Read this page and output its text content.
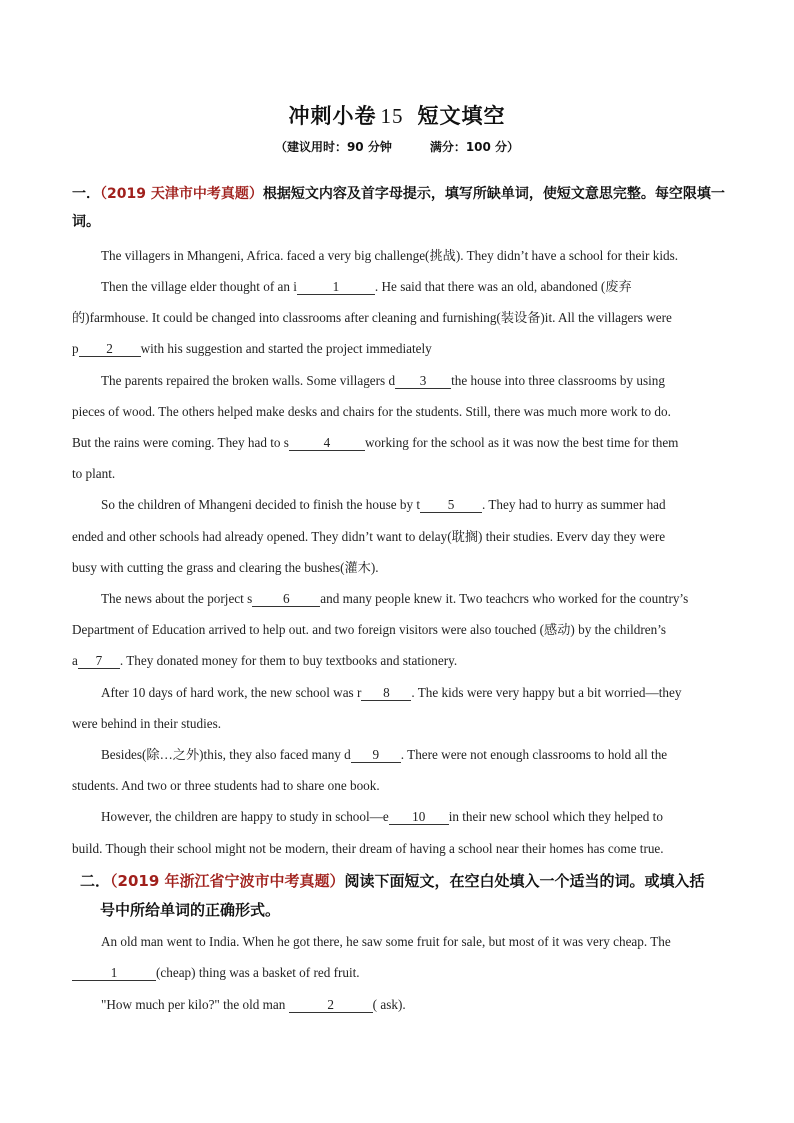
冲刺小卷 15 短文填空
（建议用时：90 分钟	满分：100 分）
一．（2019 天津市中考真题）根据短文内容及首字母提示，填写所缺单词，使短文意思完整。每空限填一词。
The villagers in Mhangeni, Africa. faced a very big challenge(挑战). They didn’t have a school for their kids.
Then the village elder thought of an i	1	. He said that there was an old, abandoned (废弃
的)farmhouse. It could be changed into classrooms after cleaning and furnishing(装设备)it. All the villagers were
p 2 with his suggestion and started the project immediately
The parents repaired the broken walls. Some villagers d 3 the house into three classrooms by using
pieces of wood. The others helped make desks and chairs for the students. Still, there was much more work to do.
But the rains were coming. They had to s	4	working for the school as it was now the best time for them
to plant.
So the children of Mhangeni decided to finish the house by t 5 . They had to hurry as summer had
ended and other schools had already opened. They didn’t want to delay(耽搁) their studies. Everv day they were
busy with cutting the grass and clearing the bushes(灌木).
The news about the porject s 6 and many people knew it. Two teachcrs who worked for the country’s
Department of Education arrived to help out. and two foreign visitors were also touched (感动) by the children’s
a 7 . They donated money for them to buy textbooks and stationery.
After 10 days of hard work, the new school was r 8 . The kids were very happy but a bit worried—they
were behind in their studies.
Besides(除…之外)this, they also faced many d 9 . There were not enough classrooms to hold all the
students. And two or three students had to share one book.
However, the children are happy to study in school—e 10 in their new school which they helped to
build. Though their school might not be modern, their dream of having a school near their homes has come true.
二．（2019 年浙江省宁波市中考真题）阅读下面短文，在空白处填入一个适当的词。或填入括
号中所给单词的正确形式。
An old man went to India. When he got there, he saw some fruit for sale, but most of it was very cheap. The
1	(cheap) thing was a basket of red fruit.
"How much per kilo?" the old man	2	( ask).
